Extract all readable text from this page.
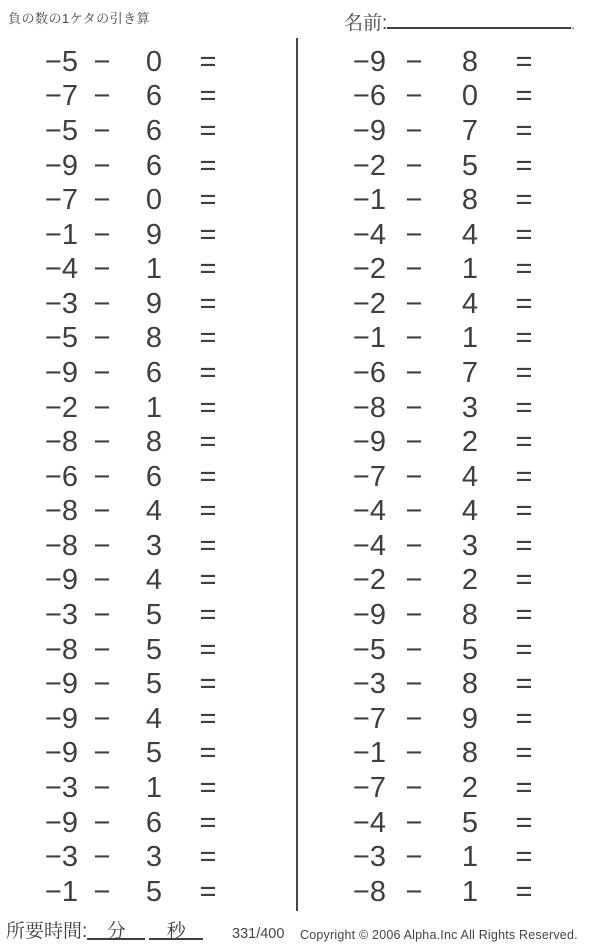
負の数の1ケタの引き算	名前:	.
−5 −	0	=
−7 −	6	=
−5 −	6	=
−9 −	6	=
−7 −	0	=
−1 −	9	=
−4 −	1	=
−3 −	9	=
−5 −	8	=
−9 −	6	=
−2 −	1	=
−8 −	8	=
−6 −	6	=
−8 −	4	=
−8 −	3	=
−9 −	4	=
−3 −	5	=
−8 −	5	=
−9 −	5	=
−9 −	4	=
−9 −	5	=
−3 −	1	=
−9 −	6	=
−3 −	3	=
−1 −	5	=
−9 −	8	=
−6 −	0	=
−9 −	7	=
−2 −	5	=
−1 −	8	=
−4 −	4	=
−2 −	1	=
−2 −	4	=
−1 −	1	=
−6 −	7	=
−8 −	3	=
−9 −	2	=
−7 −	4	=
−4 −	4	=
−4 −	3	=
−2 −	2	=
−9 −	8	=
−5 −	5	=
−3 −	8	=
−7 −	9	=
−1 −	8	=
−7 −	2	=
−4 −	5	=
−3 −	1	=
−8 −	1	=
所要時間: 分 秒	331/400 Copyright © 2006 Alpha.Inc All Rights Reserved.
